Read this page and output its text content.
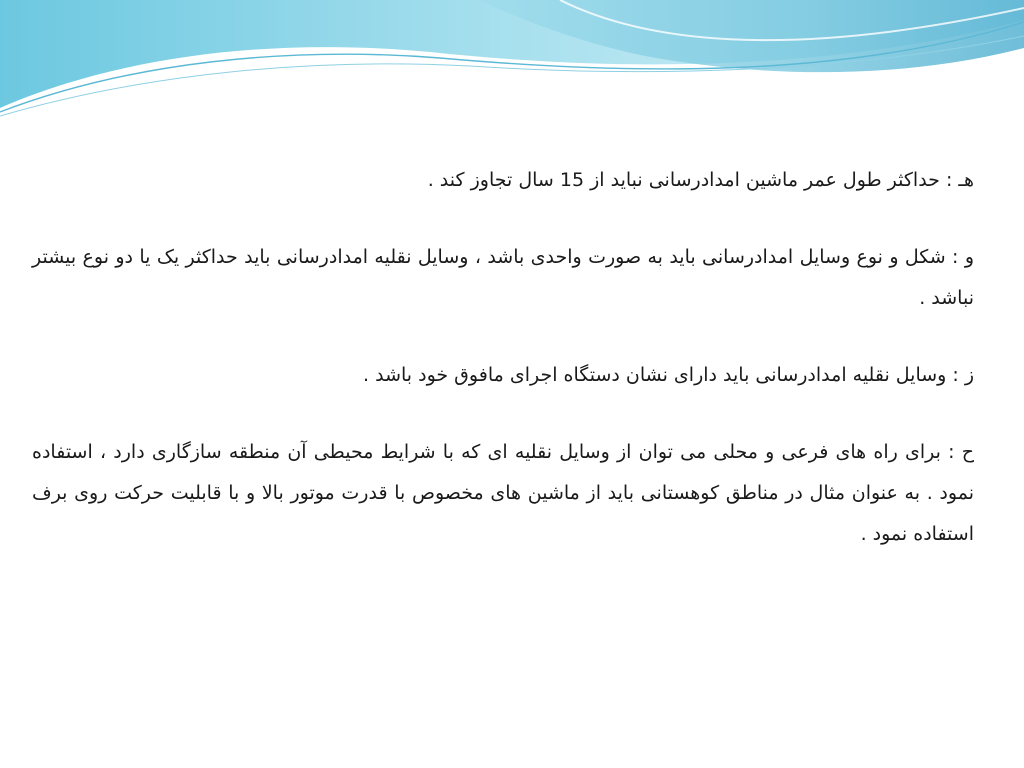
هـ : حداکثر طول عمر ماشین امدادرسانی نباید از 15 سال تجاوز کند .

و : شکل و نوع وسایل امدادرسانی باید به صورت واحدی باشد ، وسایل نقلیه امدادرسانی باید حداکثر یک یا دو نوع بیشتر نباشد .

ز : وسایل نقلیه امدادرسانی باید دارای نشان دستگاه اجرای مافوق خود باشد .

ح : برای راه های فرعی و محلی می توان از وسایل نقلیه ای که با شرایط محیطی آن منطقه سازگاری دارد ، استفاده نمود . به عنوان مثال در مناطق کوهستانی باید از ماشین های مخصوص با قدرت موتور بالا و با قابلیت حرکت روی برف استفاده نمود .
